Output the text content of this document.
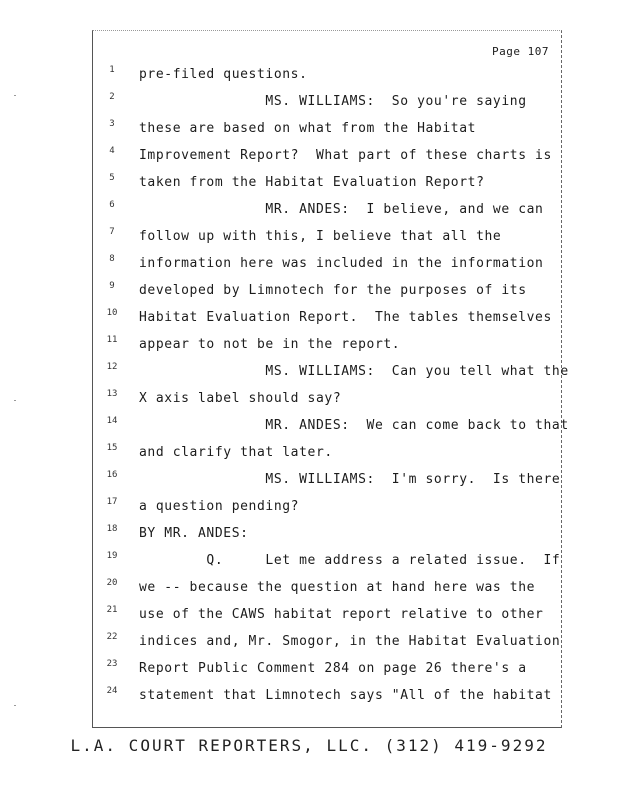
Page 107
1	pre-filed questions.
2	MS. WILLIAMS:  So you're saying
3	these are based on what from the Habitat
4	Improvement Report?  What part of these charts is
5	taken from the Habitat Evaluation Report?
6	MR. ANDES:  I believe, and we can
7	follow up with this, I believe that all the
8	information here was included in the information
9	developed by Limnotech for the purposes of its
10 Habitat Evaluation Report.  The tables themselves
11 appear to not be in the report.
12 MS. WILLIAMS:  Can you tell what the
13 X axis label should say?
14 MR. ANDES:  We can come back to that
15 and clarify that later.
16 MS. WILLIAMS:  I'm sorry.  Is there
17 a question pending?
18 BY MR. ANDES:
19 Q.     Let me address a related issue.  If
20 we -- because the question at hand here was the
21 use of the CAWS habitat report relative to other
22 indices and, Mr. Smogor, in the Habitat Evaluation
23 Report Public Comment 284 on page 26 there's a
24 statement that Limnotech says "All of the habitat
L.A. COURT REPORTERS, LLC. (312) 419-9292
